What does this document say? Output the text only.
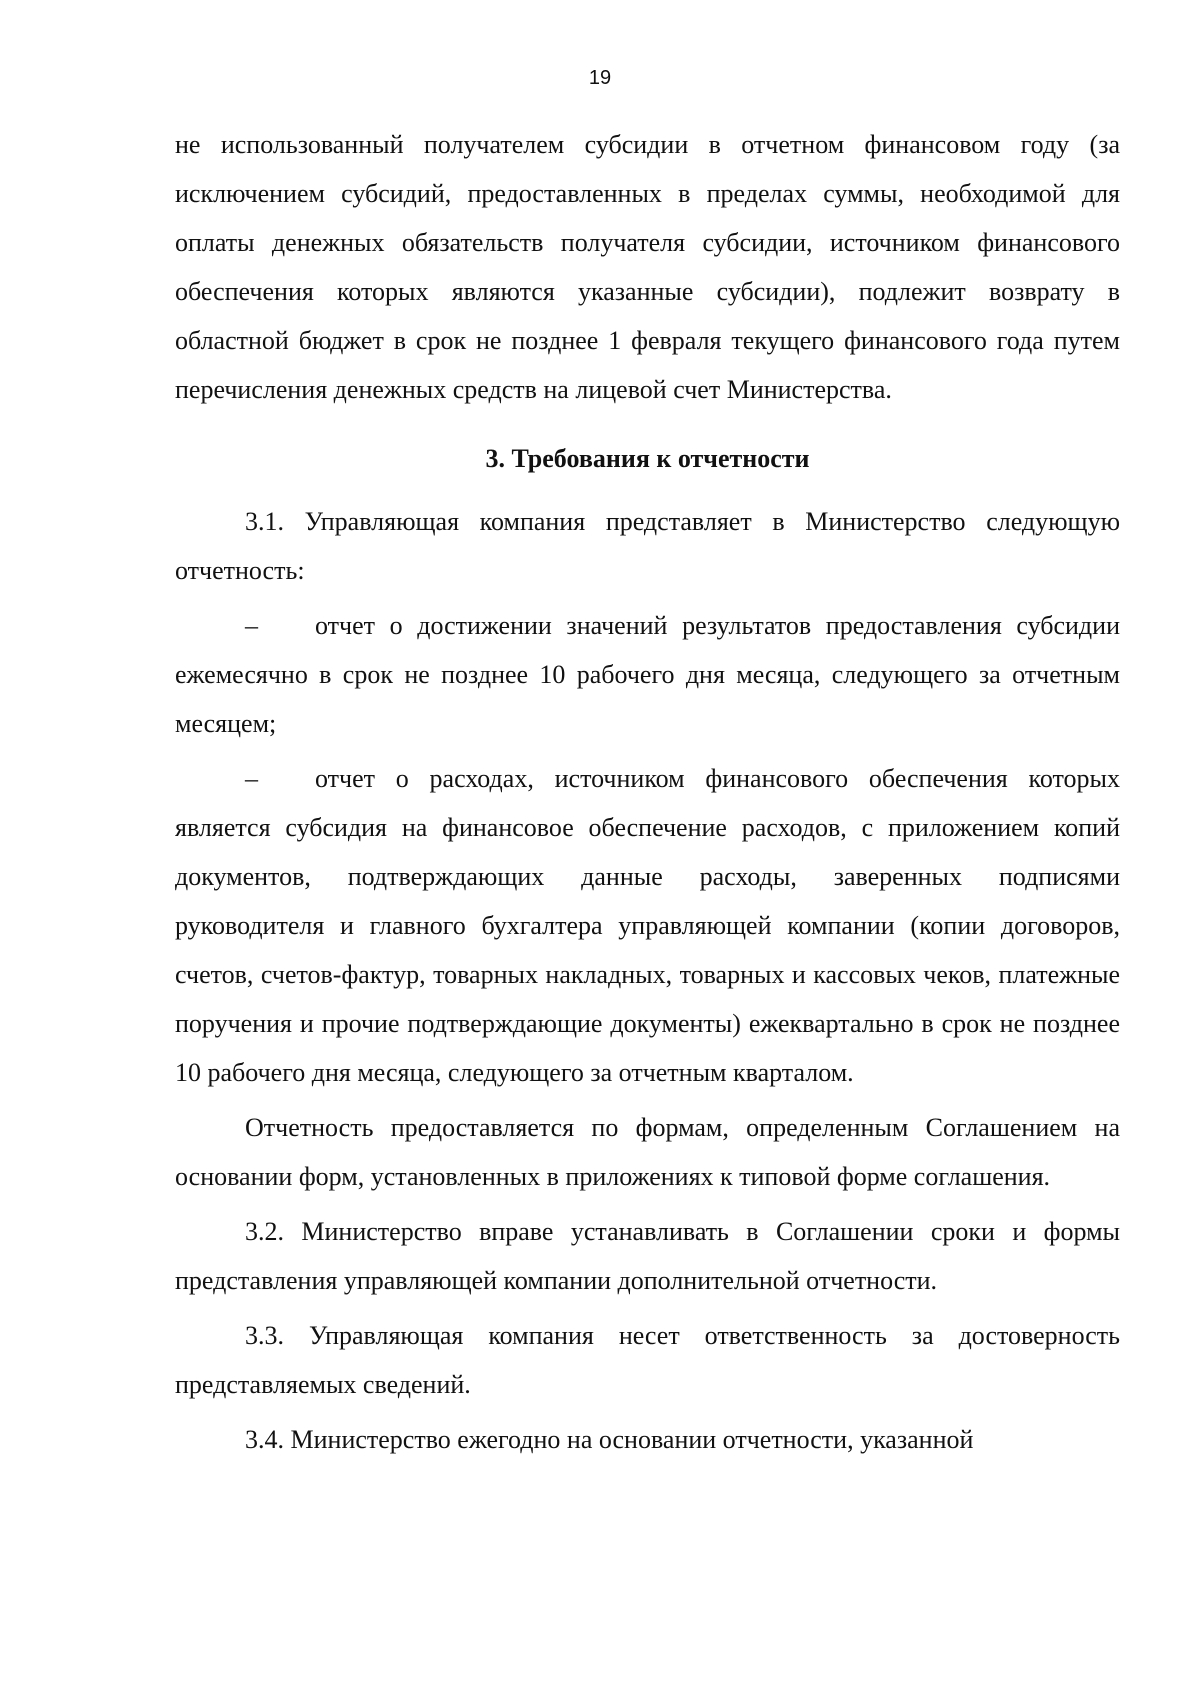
19

не использованный получателем субсидии в отчетном финансовом году (за исключением субсидий, предоставленных в пределах суммы, необходимой для оплаты денежных обязательств получателя субсидии, источником финансового обеспечения которых являются указанные субсидии), подлежит возврату в областной бюджет в срок не позднее 1 февраля текущего финансового года путем перечисления денежных средств на лицевой счет Министерства.

3. Требования к отчетности

3.1. Управляющая компания представляет в Министерство следующую отчетность:

– отчет о достижении значений результатов предоставления субсидии ежемесячно в срок не позднее 10 рабочего дня месяца, следующего за отчетным месяцем;

– отчет о расходах, источником финансового обеспечения которых является субсидия на финансовое обеспечение расходов, с приложением копий документов, подтверждающих данные расходы, заверенных подписями руководителя и главного бухгалтера управляющей компании (копии договоров, счетов, счетов-фактур, товарных накладных, товарных и кассовых чеков, платежные поручения и прочие подтверждающие документы) ежеквартально в срок не позднее 10 рабочего дня месяца, следующего за отчетным кварталом.

Отчетность предоставляется по формам, определенным Соглашением на основании форм, установленных в приложениях к типовой форме соглашения.

3.2. Министерство вправе устанавливать в Соглашении сроки и формы представления управляющей компании дополнительной отчетности.

3.3. Управляющая компания несет ответственность за достоверность представляемых сведений.

3.4. Министерство ежегодно на основании отчетности, указанной
